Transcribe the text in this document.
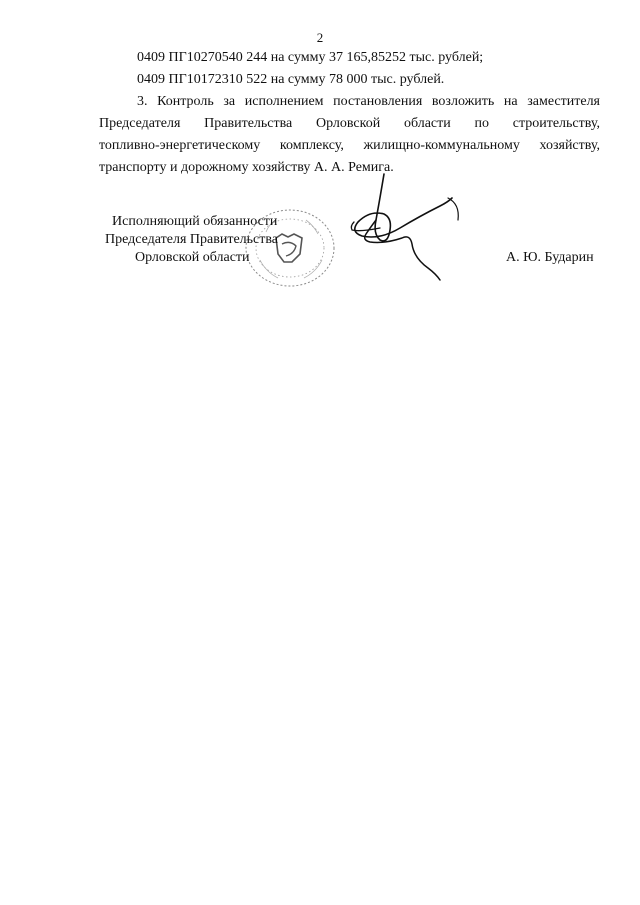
2
0409 ПГ10270540 244 на сумму 37 165,85252 тыс. рублей;
0409 ПГ10172310 522 на сумму 78 000 тыс. рублей.
3. Контроль за исполнением постановления возложить на заместителя
Председателя Правительства Орловской области по строительству,
топливно-энергетическому комплексу, жилищно-коммунальному хозяйству,
транспорту и дорожному хозяйству А. А. Ремига.
Исполняющий обязанности
Председателя Правительства
Орловской области	А. Ю. Бударин
